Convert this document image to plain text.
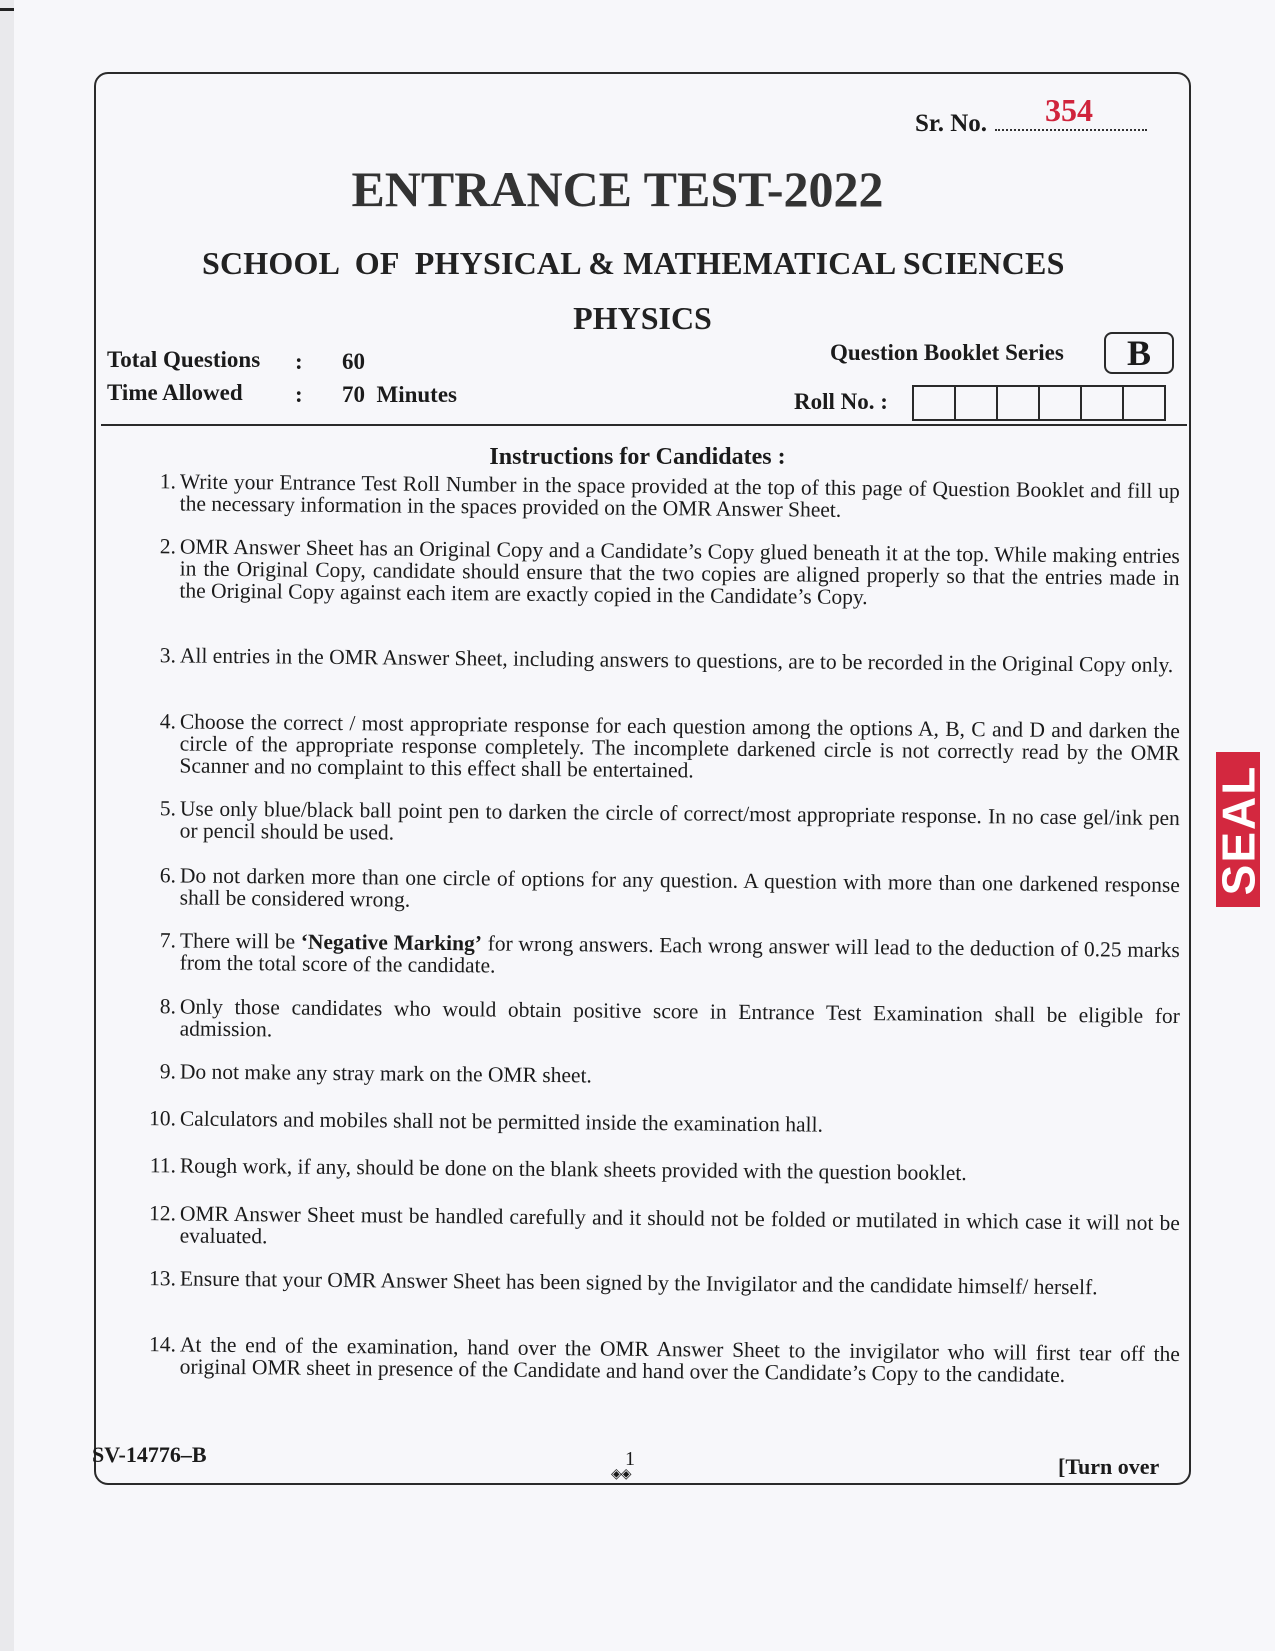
Sr. No.	354
ENTRANCE TEST-2022
SCHOOL  OF  PHYSICAL & MATHEMATICAL SCIENCES
PHYSICS
Total Questions : 60
Time Allowed : 70  Minutes
Question Booklet Series	B
Roll No. :
Instructions for Candidates :
1. Write your Entrance Test Roll Number in the space provided at the top of this page of Question Booklet and fill up the necessary information in the spaces provided on the OMR Answer Sheet.
2. OMR Answer Sheet has an Original Copy and a Candidate’s Copy glued beneath it at the top. While making entries in the Original Copy, candidate should ensure that the two copies are aligned properly so that the entries made in the Original Copy against each item are exactly copied in the Candidate’s Copy.
3. All entries in the OMR Answer Sheet, including answers to questions, are to be recorded in the Original Copy only.
4. Choose the correct / most appropriate response for each question among the options A, B, C and D and darken the circle of the appropriate response completely. The incomplete darkened circle is not correctly read by the OMR Scanner and no complaint to this effect shall be entertained.
5. Use only blue/black ball point pen to darken the circle of correct/most appropriate response. In no case gel/ink pen or pencil should be used.
6. Do not darken more than one circle of options for any question. A question with more than one darkened response shall be considered wrong.
7. There will be ‘Negative Marking’ for wrong answers. Each wrong answer will lead to the deduction of 0.25 marks from the total score of the candidate.
8. Only those candidates who would obtain positive score in Entrance Test Examination shall be eligible for admission.
9. Do not make any stray mark on the OMR sheet.
10. Calculators and mobiles shall not be permitted inside the examination hall.
11. Rough work, if any, should be done on the blank sheets provided with the question booklet.
12. OMR Answer Sheet must be handled carefully and it should not be folded or mutilated in which case it will not be evaluated.
13. Ensure that your OMR Answer Sheet has been signed by the Invigilator and the candidate himself/ herself.
14. At the end of the examination, hand over the OMR Answer Sheet to the invigilator who will first tear off the original OMR sheet in presence of the Candidate and hand over the Candidate’s Copy to the candidate.
SV-14776–B	1
◈◈	[Turn over
SEAL
